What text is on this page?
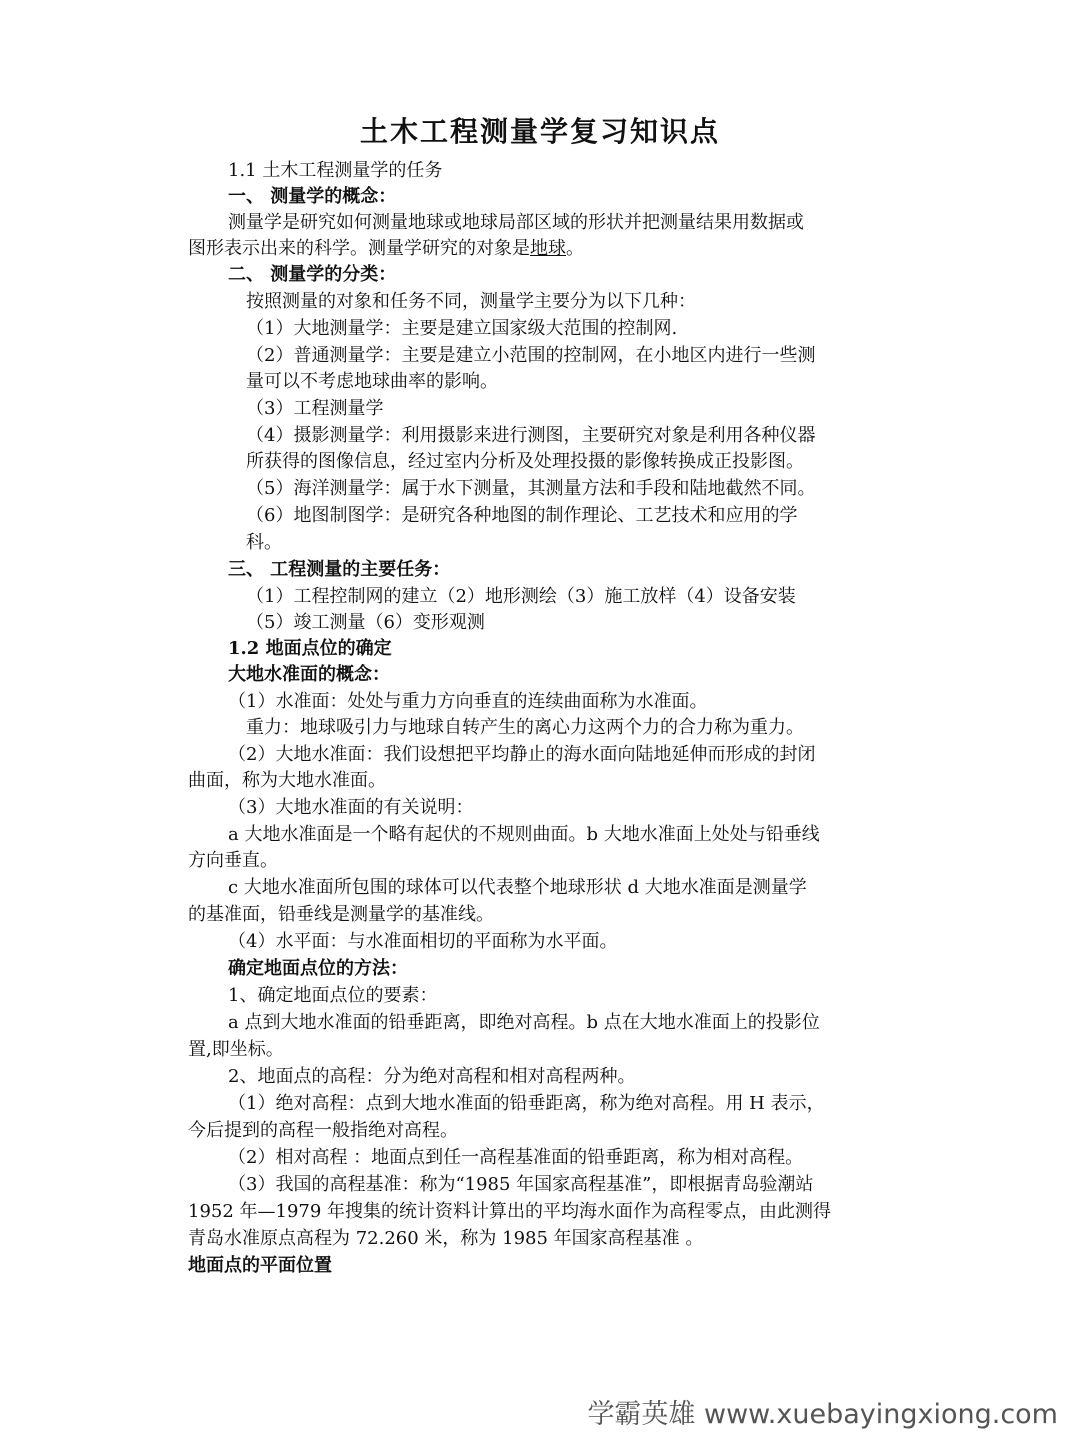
土木工程测量学复习知识点
1.1 土木工程测量学的任务
一、 测量学的概念：
测量学是研究如何测量地球或地球局部区域的形状并把测量结果用数据或
图形表示出来的科学。测量学研究的对象是地球。
二、 测量学的分类：
按照测量的对象和任务不同，测量学主要分为以下几种：
（1）大地测量学：主要是建立国家级大范围的控制网.
（2）普通测量学：主要是建立小范围的控制网，在小地区内进行一些测
量可以不考虑地球曲率的影响。
（3）工程测量学
（4）摄影测量学：利用摄影来进行测图，主要研究对象是利用各种仪器
所获得的图像信息，经过室内分析及处理投摄的影像转换成正投影图。
（5）海洋测量学：属于水下测量，其测量方法和手段和陆地截然不同。
（6）地图制图学：是研究各种地图的制作理论、工艺技术和应用的学
科。
三、 工程测量的主要任务：
（1）工程控制网的建立（2）地形测绘（3）施工放样（4）设备安装
（5）竣工测量（6）变形观测
1.2 地面点位的确定
大地水准面的概念：
（1）水准面：处处与重力方向垂直的连续曲面称为水准面。
重力：地球吸引力与地球自转产生的离心力这两个力的合力称为重力。
（2）大地水准面：我们设想把平均静止的海水面向陆地延伸而形成的封闭
曲面，称为大地水准面。
（3）大地水准面的有关说明：
a 大地水准面是一个略有起伏的不规则曲面。b 大地水准面上处处与铅垂线
方向垂直。
c 大地水准面所包围的球体可以代表整个地球形状 d 大地水准面是测量学
的基准面，铅垂线是测量学的基准线。
（4）水平面：与水准面相切的平面称为水平面。
确定地面点位的方法：
1、确定地面点位的要素：
a 点到大地水准面的铅垂距离，即绝对高程。b 点在大地水准面上的投影位
置,即坐标。
2、地面点的高程：分为绝对高程和相对高程两种。
（1）绝对高程：点到大地水准面的铅垂距离，称为绝对高程。用 H 表示，
今后提到的高程一般指绝对高程。
（2）相对高程 ：地面点到任一高程基准面的铅垂距离，称为相对高程。
（3）我国的高程基准：称为“1985 年国家高程基准”，即根据青岛验潮站
1952 年—1979 年搜集的统计资料计算出的平均海水面作为高程零点，由此测得
青岛水准原点高程为 72.260 米，称为 1985 年国家高程基准 。
地面点的平面位置
学霸英雄 www.xuebayingxiong.com
